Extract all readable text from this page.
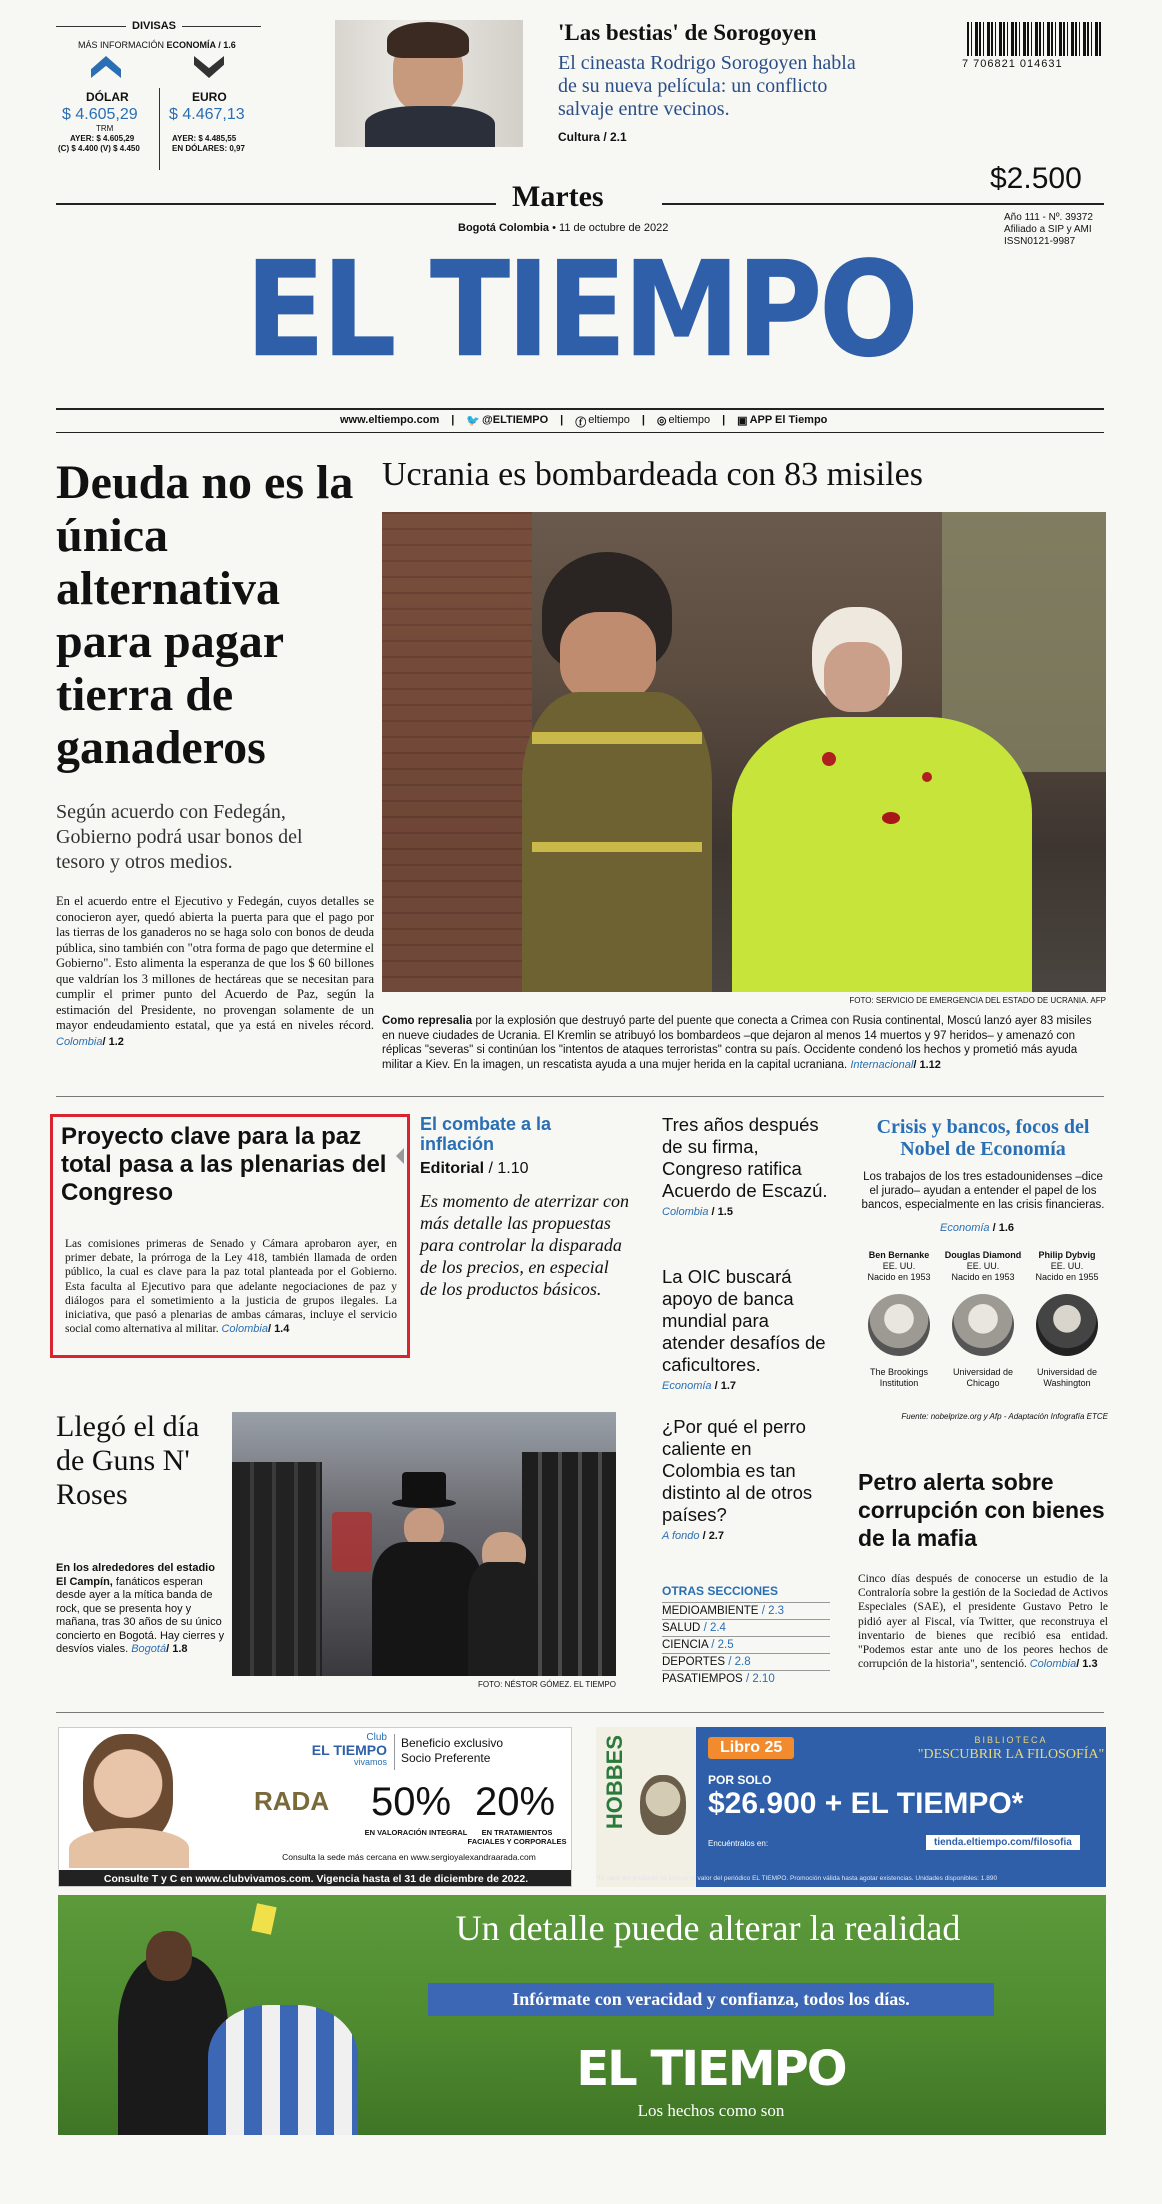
DIVISAS
MÁS INFORMACIÓN ECONOMÍA / 1.6
DÓLAR	EURO
$ 4.605,29 $ 4.467,13
TRM
AYER: $ 4.605,29
(C) $ 4.400 (V) $ 4.450
AYER: $ 4.485,55
EN DÓLARES: 0,97
'Las bestias' de Sorogoyen
El cineasta Rodrigo Sorogoyen habla de su nueva película: un conflicto salvaje entre vecinos.
Cultura / 2.1
7 706821 014631
Martes
Bogotá Colombia • 11 de octubre de 2022
$2.500
Año 111 - Nº. 39372
Afiliado a SIP y AMI
ISSN0121-9987
EL TIEMPO
www.eltiempo.com | 🐦 @ELTIEMPO | ⓕ eltiempo | ◎ eltiempo | ▣ APP El Tiempo
Deuda no es la única alternativa para pagar tierra de ganaderos
Según acuerdo con Fedegán, Gobierno podrá usar bonos del tesoro y otros medios.
En el acuerdo entre el Ejecutivo y Fedegán, cuyos detalles se conocieron ayer, quedó abierta la puerta para que el pago por las tierras de los ganaderos no se haga solo con bonos de deuda pública, sino también con "otra forma de pago que determine el Gobierno". Esto alimenta la esperanza de que los $ 60 billones que valdrían los 3 millones de hectáreas que se necesitan para cumplir el primer punto del Acuerdo de Paz, según la estimación del Presidente, no provengan solamente de un mayor endeudamiento estatal, que ya está en niveles récord. Colombia/ 1.2
Ucrania es bombardeada con 83 misiles
FOTO: SERVICIO DE EMERGENCIA DEL ESTADO DE UCRANIA. AFP
Como represalia por la explosión que destruyó parte del puente que conecta a Crimea con Rusia continental, Moscú lanzó ayer 83 misiles en nueve ciudades de Ucrania. El Kremlin se atribuyó los bombardeos –que dejaron al menos 14 muertos y 97 heridos– y amenazó con réplicas "severas" si continúan los "intentos de ataques terroristas" contra su país. Occidente condenó los hechos y prometió más ayuda militar a Kiev. En la imagen, un rescatista ayuda a una mujer herida en la capital ucraniana. Internacional/ 1.12
Proyecto clave para la paz total pasa a las plenarias del Congreso
Las comisiones primeras de Senado y Cámara aprobaron ayer, en primer debate, la prórroga de la Ley 418, también llamada de orden público, la cual es clave para la paz total planteada por el Gobierno. Esta faculta al Ejecutivo para que adelante negociaciones de paz y diálogos para el sometimiento a la justicia de grupos ilegales. La iniciativa, que pasó a plenarias de ambas cámaras, incluye el servicio social como alternativa al militar. Colombia/ 1.4
El combate a la inflación
Editorial / 1.10
Es momento de aterrizar con más detalle las propuestas para controlar la disparada de los precios, en especial de los productos básicos.
Tres años después de su firma, Congreso ratifica Acuerdo de Escazú.
Colombia / 1.5
La OIC buscará apoyo de banca mundial para atender desafíos de caficultores.
Economía / 1.7
¿Por qué el perro caliente en Colombia es tan distinto al de otros países?
A fondo / 2.7
Crisis y bancos, focos del Nobel de Economía
Los trabajos de los tres estadounidenses –dice el jurado– ayudan a entender el papel de los bancos, especialmente en las crisis financieras.
Economía / 1.6
Ben Bernanke
EE. UU.
Nacido en 1953
The Brookings Institution
Douglas Diamond
EE. UU.
Nacido en 1953
Universidad de Chicago
Philip Dybvig
EE. UU.
Nacido en 1955
Universidad de Washington
Fuente: nobelprize.org y Afp - Adaptación Infografía ETCE
Llegó el día de Guns N' Roses
En los alrededores del estadio El Campín, fanáticos esperan desde ayer a la mítica banda de rock, que se presenta hoy y mañana, tras 30 años de su único concierto en Bogotá. Hay cierres y desvíos viales. Bogotá/ 1.8
FOTO: NÉSTOR GÓMEZ. EL TIEMPO
OTRAS SECCIONES
MEDIOAMBIENTE / 2.3
SALUD / 2.4
CIENCIA / 2.5
DEPORTES / 2.8
PASATIEMPOS / 2.10
Petro alerta sobre corrupción con bienes de la mafia
Cinco días después de conocerse un estudio de la Contraloría sobre la gestión de la Sociedad de Activos Especiales (SAE), el presidente Gustavo Petro le pidió ayer al Fiscal, vía Twitter, que reconstruya el inventario de bienes que recibió esa entidad. "Podemos estar ante uno de los peores hechos de corrupción de la historia", sentenció. Colombia/ 1.3
Club
EL TIEMPO
vivamos
Beneficio exclusivo
Socio Preferente
RADA 50%
EN VALORACIÓN INTEGRAL
20%
EN TRATAMIENTOS FACIALES Y CORPORALES
Consulta la sede más cercana en www.sergioyalexandraarada.com
Consulte T y C en www.clubvivamos.com. Vigencia hasta el 31 de diciembre de 2022.
HOBBES	Libro 25	BIBLIOTECA
"DESCUBRIR LA FILOSOFÍA"
POR SOLO
$26.900 + EL TIEMPO*
Encuéntralos en:	tienda.eltiempo.com/filosofia
*El valor del producto no incluye el valor del periódico EL TIEMPO. Promoción válida hasta agotar existencias. Unidades disponibles: 1.890
Un detalle puede alterar la realidad
Infórmate con veracidad y confianza, todos los días.
EL TIEMPO
Los hechos como son
